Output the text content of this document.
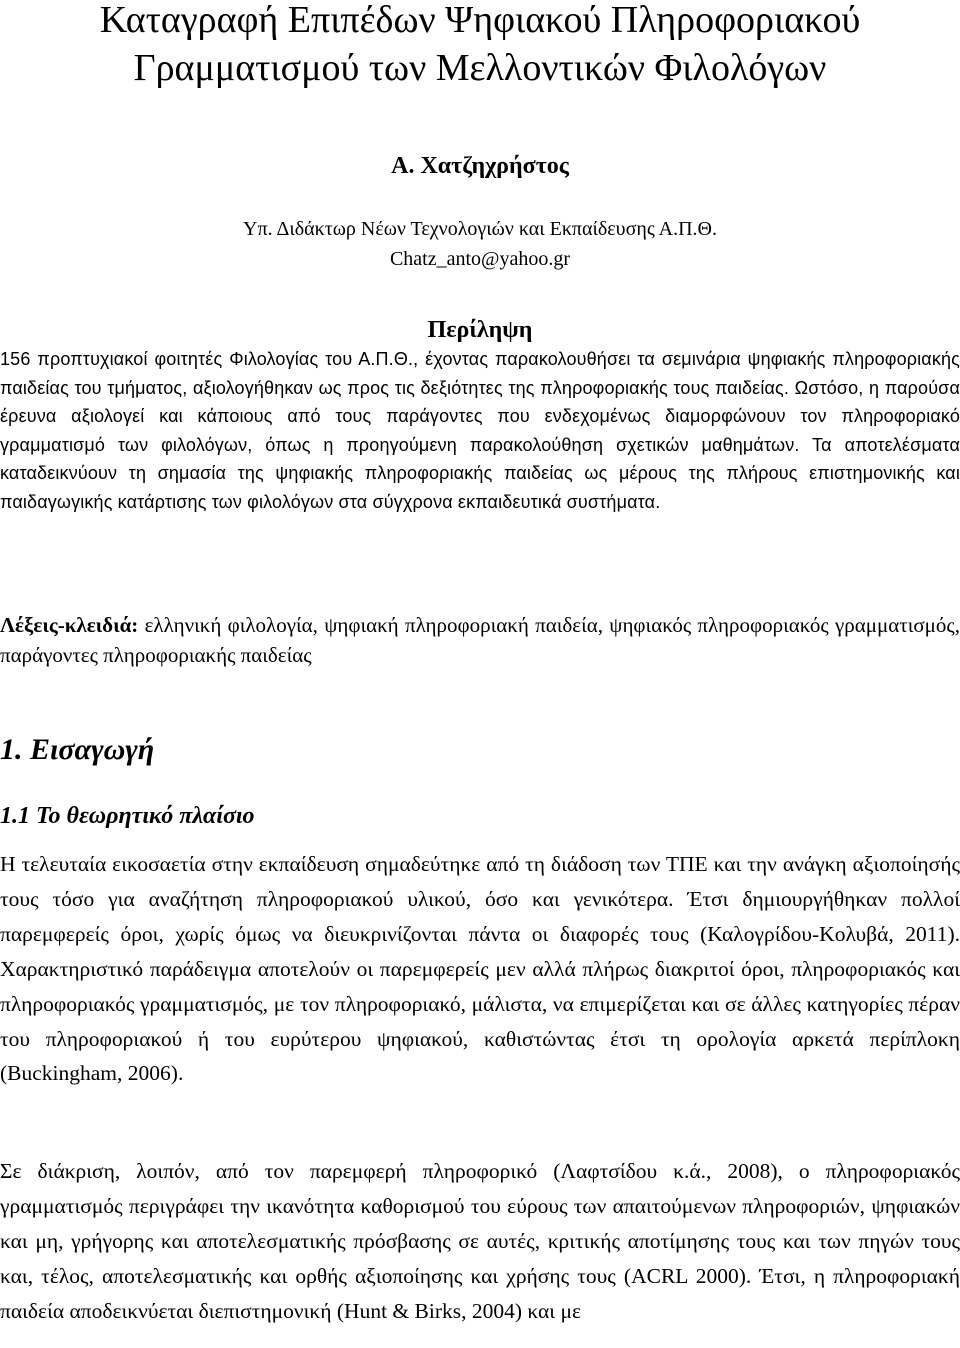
Καταγραφή Επιπέδων Ψηφιακού Πληροφοριακού
Γραμματισμού των Μελλοντικών Φιλολόγων
Α. Χατζηχρήστος
Υπ. Διδάκτωρ Νέων Τεχνολογιών και Εκπαίδευσης Α.Π.Θ.
Chatz_anto@yahoo.gr
Περίληψη
156 προπτυχιακοί φοιτητές Φιλολογίας του Α.Π.Θ., έχοντας παρακολουθήσει τα σεμινάρια ψηφιακής πληροφοριακής παιδείας του τμήματος, αξιολογήθηκαν ως προς τις δεξιότητες της πληροφοριακής τους παιδείας. Ωστόσο, η παρούσα έρευνα αξιολογεί και κάποιους από τους παράγοντες που ενδεχομένως διαμορφώνουν τον πληροφοριακό γραμματισμό των φιλολόγων, όπως η προηγούμενη παρακολούθηση σχετικών μαθημάτων. Τα αποτελέσματα καταδεικνύουν τη σημασία της ψηφιακής πληροφοριακής παιδείας ως μέρους της πλήρους επιστημονικής και παιδαγωγικής κατάρτισης των φιλολόγων στα σύγχρονα εκπαιδευτικά συστήματα.
Λέξεις-κλειδιά: ελληνική φιλολογία, ψηφιακή πληροφοριακή παιδεία, ψηφιακός πληροφοριακός γραμματισμός, παράγοντες πληροφοριακής παιδείας
1. Εισαγωγή
1.1 Το θεωρητικό πλαίσιο
Η τελευταία εικοσαετία στην εκπαίδευση σημαδεύτηκε από τη διάδοση των ΤΠΕ και την ανάγκη αξιοποίησής τους τόσο για αναζήτηση πληροφοριακού υλικού, όσο και γενικότερα. Έτσι δημιουργήθηκαν πολλοί παρεμφερείς όροι, χωρίς όμως να διευκρινίζονται πάντα οι διαφορές τους (Καλογρίδου-Κολυβά, 2011). Χαρακτηριστικό παράδειγμα αποτελούν οι παρεμφερείς μεν αλλά πλήρως διακριτοί όροι, πληροφοριακός και πληροφοριακός γραμματισμός, με τον πληροφοριακό, μάλιστα, να επιμερίζεται και σε άλλες κατηγορίες πέραν του πληροφοριακού ή του ευρύτερου ψηφιακού, καθιστώντας έτσι τη ορολογία αρκετά περίπλοκη (Buckingham, 2006).
Σε διάκριση, λοιπόν, από τον παρεμφερή πληροφορικό (Λαφτσίδου κ.ά., 2008), ο πληροφοριακός γραμματισμός περιγράφει την ικανότητα καθορισμού του εύρους των απαιτούμενων πληροφοριών, ψηφιακών και μη, γρήγορης και αποτελεσματικής πρόσβασης σε αυτές, κριτικής αποτίμησης τους και των πηγών τους και, τέλος, αποτελεσματικής και ορθής αξιοποίησης και χρήσης τους (ACRL 2000). Έτσι, η πληροφοριακή παιδεία αποδεικνύεται διεπιστημονική (Hunt & Birks, 2004) και με
